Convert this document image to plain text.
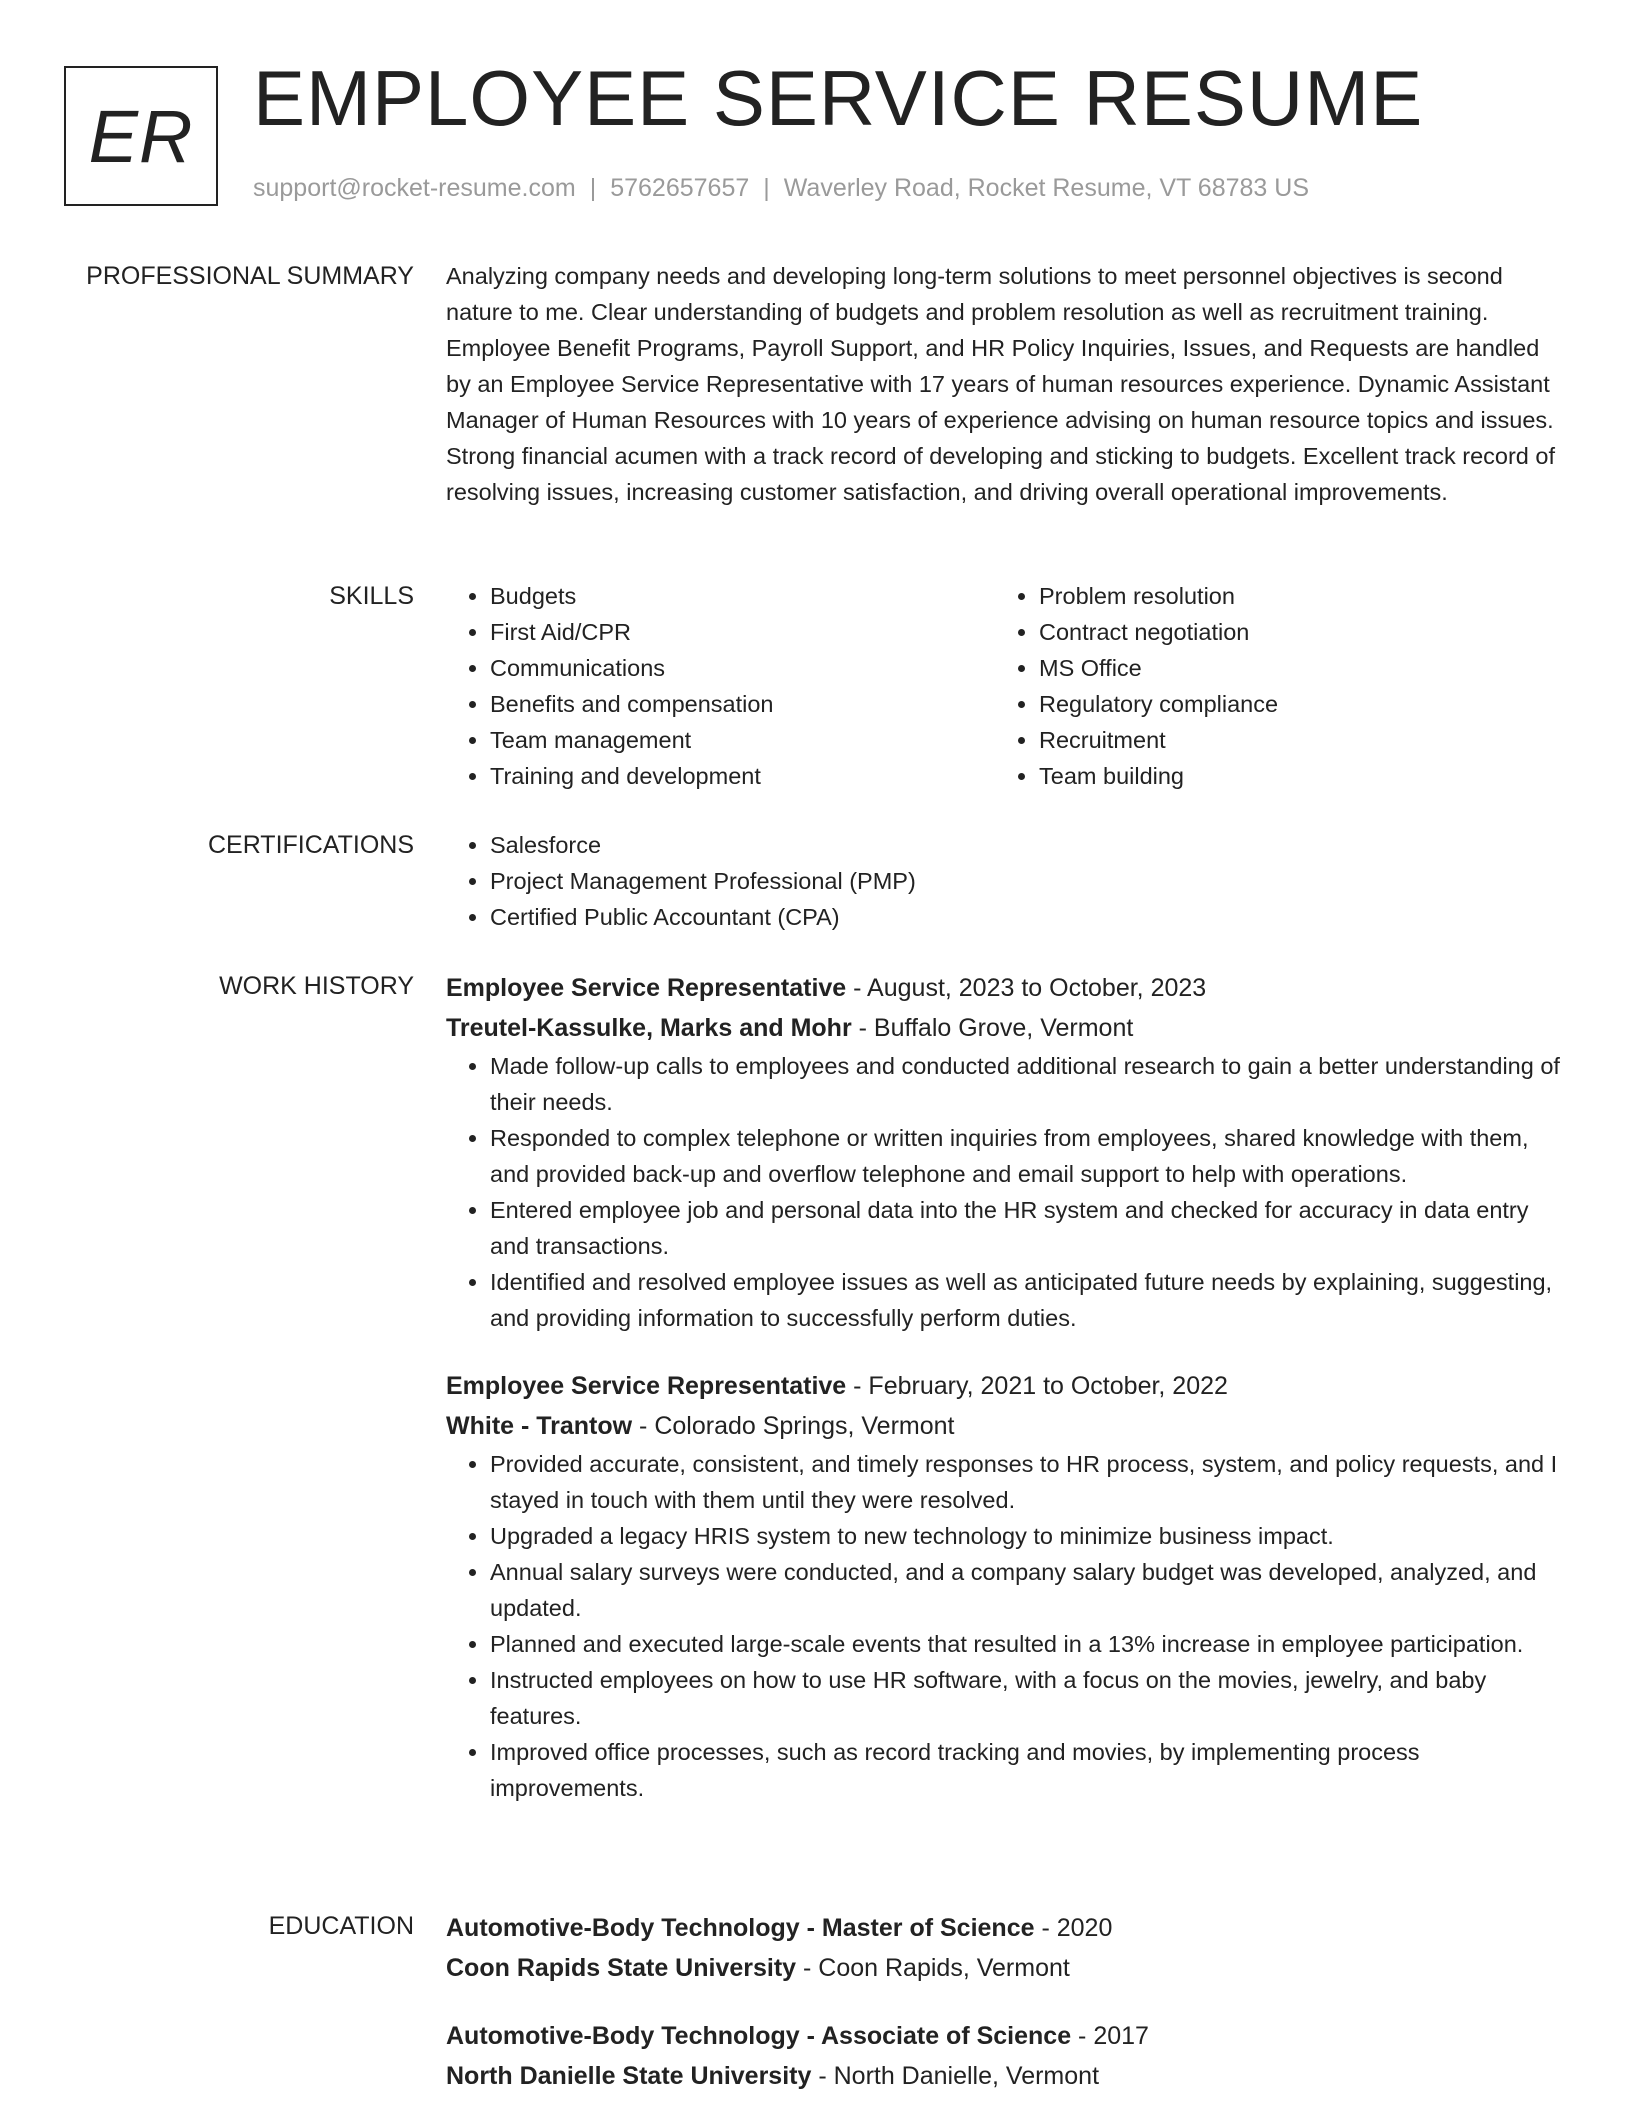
ER EMPLOYEE SERVICE RESUME
support@rocket-resume.com | 5762657657 | Waverley Road, Rocket Resume, VT 68783 US
PROFESSIONAL SUMMARY Analyzing company needs and developing long-term solutions to meet personnel objectives is second nature to me. Clear understanding of budgets and problem resolution as well as recruitment training. Employee Benefit Programs, Payroll Support, and HR Policy Inquiries, Issues, and Requests are handled by an Employee Service Representative with 17 years of human resources experience. Dynamic Assistant Manager of Human Resources with 10 years of experience advising on human resource topics and issues. Strong financial acumen with a track record of developing and sticking to budgets. Excellent track record of resolving issues, increasing customer satisfaction, and driving overall operational improvements.

SKILLS	• Budgets
• First Aid/CPR
• Communications
• Benefits and compensation
• Team management
• Training and development
• Problem resolution
• Contract negotiation
• MS Office
• Regulatory compliance
• Recruitment
• Team building
CERTIFICATIONS	• Salesforce
• Project Management Professional (PMP)
• Certified Public Accountant (CPA)
WORK HISTORY Employee Service Representative - August, 2023 to October, 2023
Treutel-Kassulke, Marks and Mohr - Buffalo Grove, Vermont
• Made follow-up calls to employees and conducted additional research to gain a better understanding of their needs.
• Responded to complex telephone or written inquiries from employees, shared knowledge with them, and provided back-up and overflow telephone and email support to help with operations.
• Entered employee job and personal data into the HR system and checked for accuracy in data entry and transactions.
• Identified and resolved employee issues as well as anticipated future needs by explaining, suggesting, and providing information to successfully perform duties.
Employee Service Representative - February, 2021 to October, 2022
White - Trantow - Colorado Springs, Vermont
• Provided accurate, consistent, and timely responses to HR process, system, and policy requests, and I stayed in touch with them until they were resolved.
• Upgraded a legacy HRIS system to new technology to minimize business impact.
• Annual salary surveys were conducted, and a company salary budget was developed, analyzed, and updated.
• Planned and executed large-scale events that resulted in a 13% increase in employee participation.
• Instructed employees on how to use HR software, with a focus on the movies, jewelry, and baby features.
• Improved office processes, such as record tracking and movies, by implementing process improvements.
EDUCATION Automotive-Body Technology - Master of Science - 2020
Coon Rapids State University - Coon Rapids, Vermont
Automotive-Body Technology - Associate of Science - 2017
North Danielle State University - North Danielle, Vermont
